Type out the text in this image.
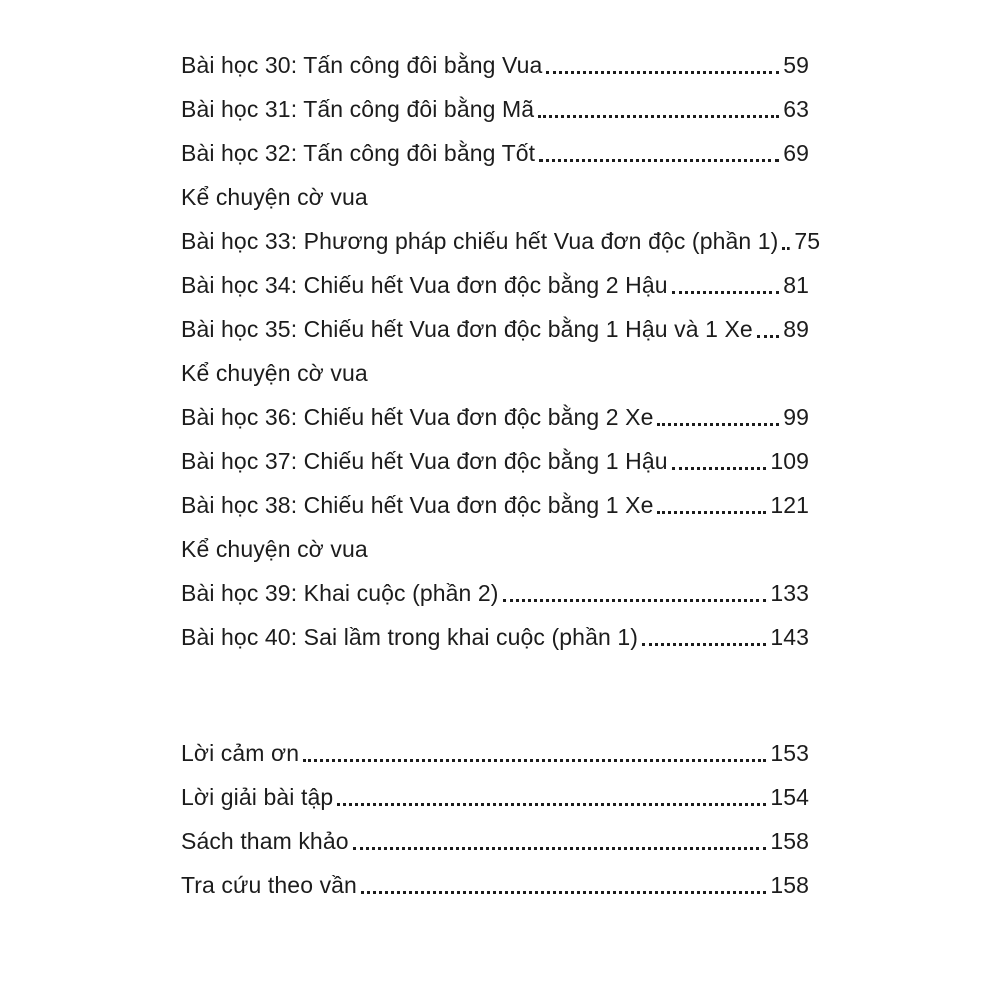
Bài học 30: Tấn công đôi bằng Vua	59
Bài học 31: Tấn công đôi bằng Mã	63
Bài học 32: Tấn công đôi bằng Tốt	69
Kể chuyện cờ vua
Bài học 33: Phương pháp chiếu hết Vua đơn độc (phần 1) 75
Bài học 34: Chiếu hết Vua đơn độc bằng 2 Hậu	81
Bài học 35: Chiếu hết Vua đơn độc bằng 1 Hậu và 1 Xe 89
Kể chuyện cờ vua
Bài học 36: Chiếu hết Vua đơn độc bằng 2 Xe	99
Bài học 37: Chiếu hết Vua đơn độc bằng 1 Hậu	109
Bài học 38: Chiếu hết Vua đơn độc bằng 1 Xe	121
Kể chuyện cờ vua
Bài học 39: Khai cuộc (phần 2)	133
Bài học 40: Sai lầm trong khai cuộc (phần 1)	143
Lời cảm ơn	153
Lời giải bài tập	154
Sách tham khảo	158
Tra cứu theo vần	158
